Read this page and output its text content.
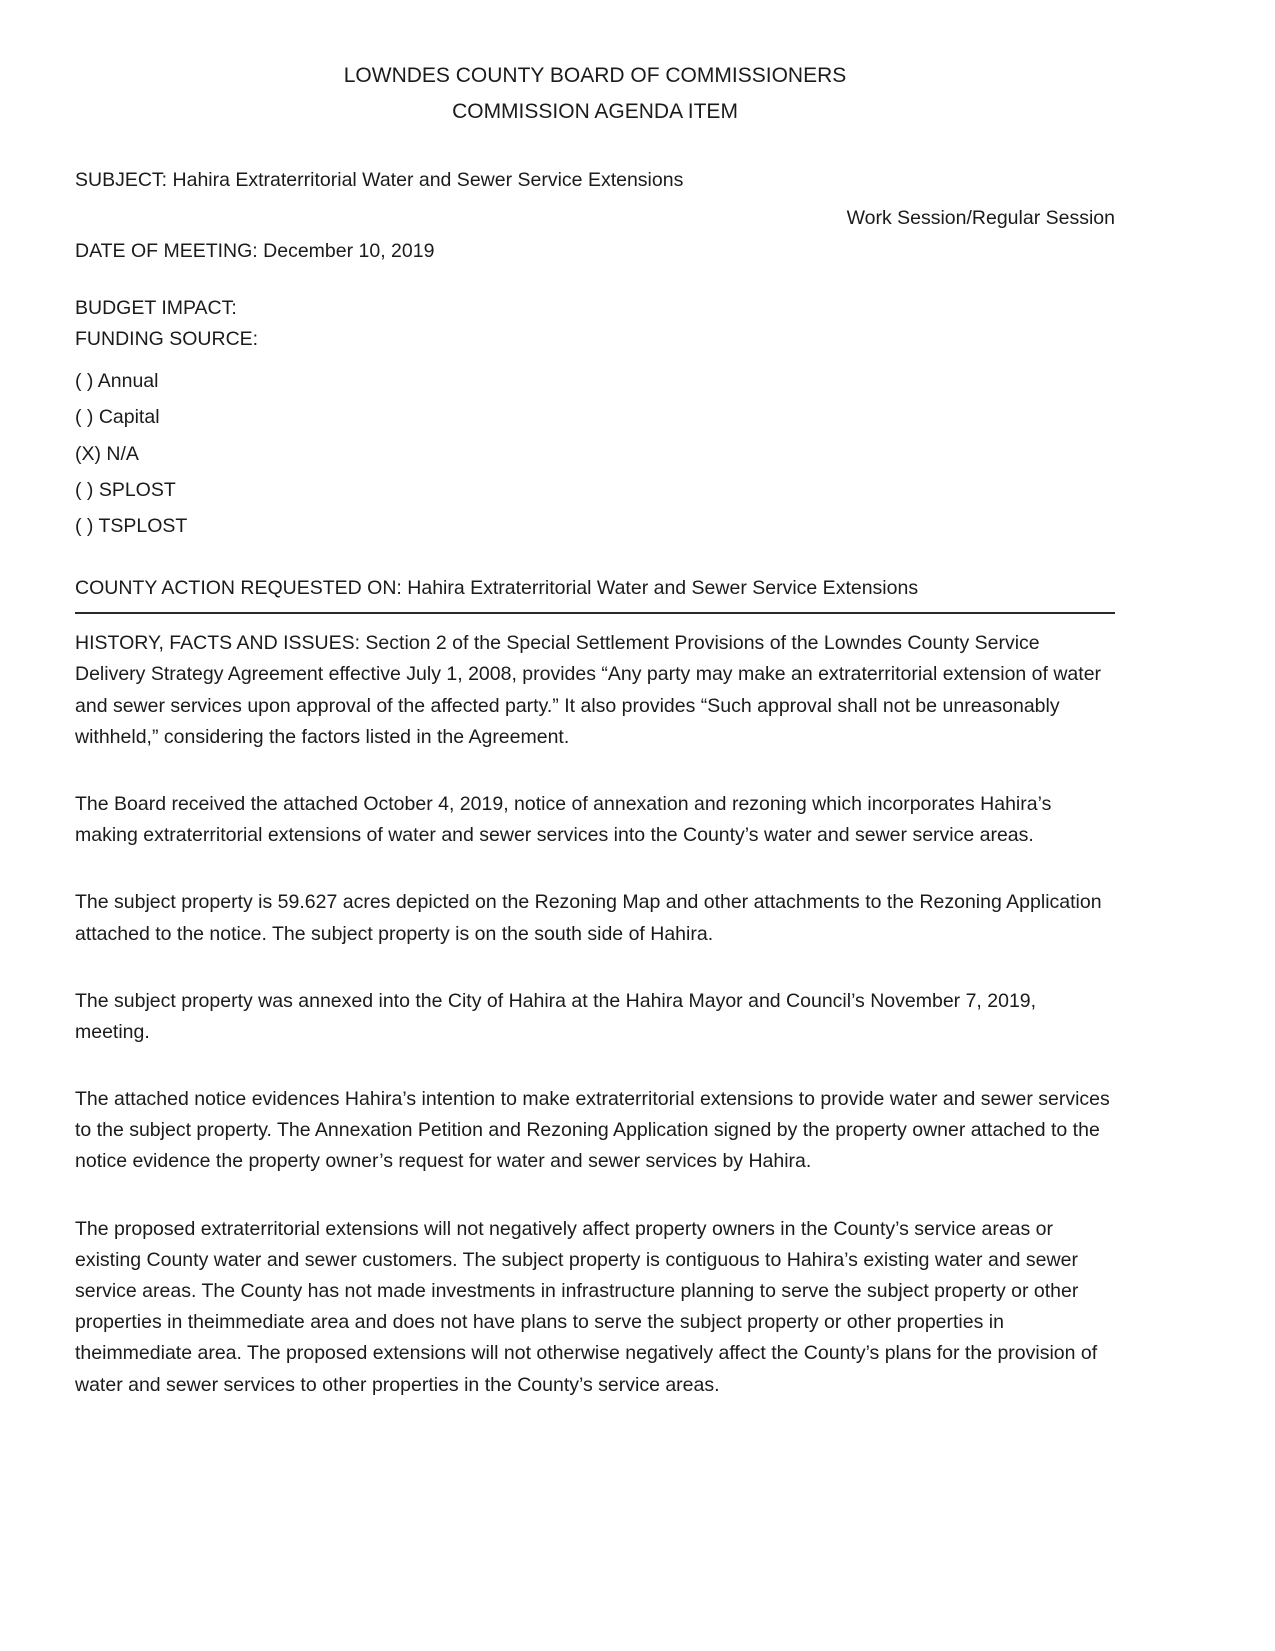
LOWNDES COUNTY BOARD OF COMMISSIONERS
COMMISSION AGENDA ITEM
SUBJECT: Hahira Extraterritorial Water and Sewer Service Extensions
Work Session/Regular Session
DATE OF MEETING: December 10, 2019
BUDGET IMPACT:
FUNDING SOURCE:
( ) Annual
( ) Capital
(X) N/A
( ) SPLOST
( ) TSPLOST
COUNTY ACTION REQUESTED ON: Hahira Extraterritorial Water and Sewer Service Extensions

HISTORY, FACTS AND ISSUES: Section 2 of the Special Settlement Provisions of the Lowndes County Service Delivery Strategy Agreement effective July 1, 2008, provides “Any party may make an extraterritorial extension of water and sewer services upon approval of the affected party.” It also provides “Such approval shall not be unreasonably withheld,” considering the factors listed in the Agreement.

The Board received the attached October 4, 2019, notice of annexation and rezoning which incorporates Hahira’s making extraterritorial extensions of water and sewer services into the County’s water and sewer service areas.

The subject property is 59.627 acres depicted on the Rezoning Map and other attachments to the Rezoning Application attached to the notice. The subject property is on the south side of Hahira.

The subject property was annexed into the City of Hahira at the Hahira Mayor and Council’s November 7, 2019, meeting.

The attached notice evidences Hahira’s intention to make extraterritorial extensions to provide water and sewer services to the subject property. The Annexation Petition and Rezoning Application signed by the property owner attached to the notice evidence the property owner’s request for water and sewer services by Hahira.

The proposed extraterritorial extensions will not negatively affect property owners in the County’s service areas or existing County water and sewer customers. The subject property is contiguous to Hahira’s existing water and sewer service areas. The County has not made investments in infrastructure planning to serve the subject property or other properties in theimmediate area and does not have plans to serve the subject property or other properties in theimmediate area. The proposed extensions will not otherwise negatively affect the County’s plans for the provision of water and sewer services to other properties in the County’s service areas.
